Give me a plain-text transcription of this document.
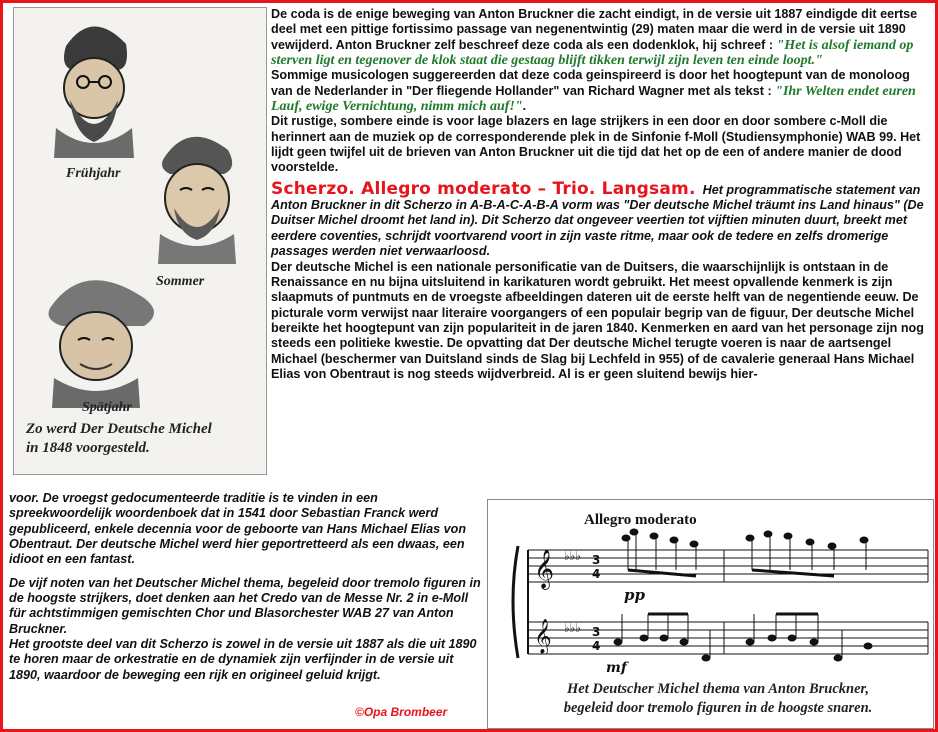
Frühjahr
Sommer
Spätjahr
Zo werd Der Deutsche Michel
in 1848 voorgesteld.
De coda is de enige beweging van Anton Bruckner die zacht eindigt, in de versie uit 1887 eindigde dit eertse deel met een pittige fortissimo passage van negenentwintig (29) maten maar die werd in de versie uit 1890 vewijderd. Anton Bruckner zelf beschreef deze coda als een dodenklok, hij schreef : "Het is alsof iemand op sterven ligt en tegenover de klok staat die gestaag blijft tikken terwijl zijn leven ten einde loopt."
Sommige musicologen suggereerden dat deze coda geinspireerd is door het hoogtepunt van de monoloog van de Nederlander in "Der fliegende Hollander" van Richard Wagner met als tekst : "Ihr Welten endet euren Lauf, ewige Vernichtung, nimm mich auf!".
Dit rustige, sombere einde is voor lage blazers en lage strijkers in een door en door sombere c-Moll die herinnert aan de muziek op de corresponderende plek in de Sinfonie f-Moll (Studiensymphonie) WAB 99. Het lijdt geen twijfel uit de brieven van Anton Bruckner uit die tijd dat het op de een of andere manier de dood voorstelde.
Scherzo. Allegro moderato – Trio. Langsam. Het programmatische statement van Anton Bruckner in dit Scherzo in A-B-A-C-A-B-A vorm was "Der deutsche Michel träumt ins Land hinaus" (De Duitser Michel droomt het land in). Dit Scherzo dat ongeveer veertien tot vijftien minuten duurt, breekt met eerdere coventies, schrijdt voortvarend voort in zijn vaste ritme, maar ook de tedere en zelfs dromerige passages werden niet verwaarloosd.
Der deutsche Michel is een nationale personificatie van de Duitsers, die waarschijnlijk is ontstaan in de Renaissance en nu bijna uitsluitend in karikaturen wordt gebruikt. Het meest opvallende kenmerk is zijn slaapmuts of puntmuts en de vroegste afbeeldingen dateren uit de eerste helft van de negentiende eeuw. De picturale vorm verwijst naar literaire voorgangers of een populair begrip van de figuur, Der deutsche Michel bereikte het hoogtepunt van zijn populariteit in de jaren 1840. Kenmerken en aard van het personage zijn nog steeds een politieke kwestie. De opvatting dat Der deutsche Michel terugte voeren is naar de aartsengel Michael (beschermer van Duitsland sinds de Slag bij Lechfeld in 955) of de cavalerie generaal Hans Michael Elias von Obentraut is nog steeds wijdverbreid. Al is er geen sluitend bewijs hier-
voor. De vroegst gedocumenteerde traditie is te vinden in een spreekwoordelijk woordenboek dat in 1541 door Sebastian Franck werd gepubliceerd, enkele decennia voor de geboorte van Hans Michael Elias von Obentraut. Der deutsche Michel werd hier geportretteerd als een dwaas, een idioot en een fantast.
De vijf noten van het Deutscher Michel thema, begeleid door tremolo figuren in de hoogste strijkers, doet denken aan het Credo van de Messe Nr. 2 in e-Moll für achtstimmigen gemischten Chor und Blasorchester WAB 27 van Anton Bruckner.
Het grootste deel van dit Scherzo is zowel in de versie uit 1887 als die uit 1890 te horen maar de orkestratie en de dynamiek zijn verfijnder in de versie uit 1890, waardoor de beweging een rijk en origineel geluid krijgt.
©Opa Brombeer
Allegro moderato
𝄞
𝄞
♭♭♭
♭♭♭
3
4
3
4
pp
mf
Het Deutscher Michel thema van Anton Bruckner,
begeleid door tremolo figuren in de hoogste snaren.
